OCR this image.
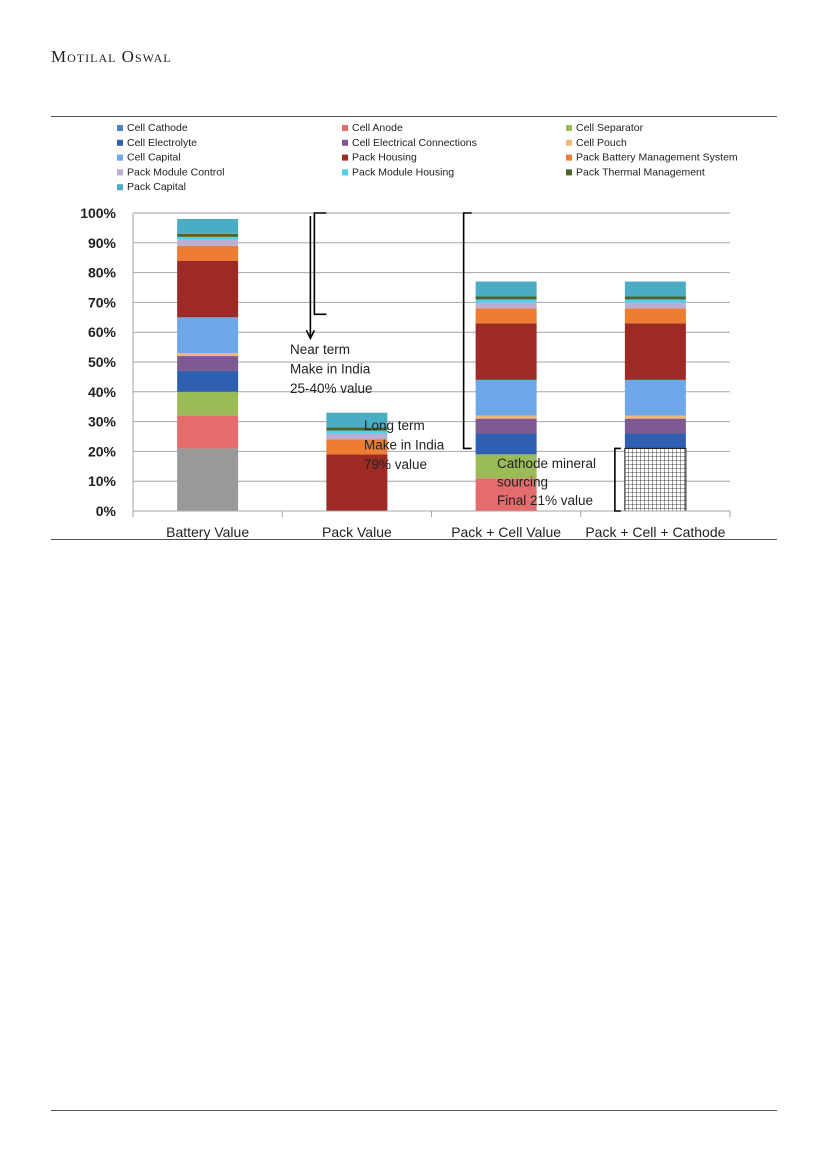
Motilal Oswal
Cell Cathode	Cell Anode	Cell Separator
Cell Electrolyte	Cell Electrical Connections	Cell Pouch
Cell Capital	Pack Housing	Pack Battery Management System
Pack Module Control	Pack Module Housing	Pack Thermal Management
Pack Capital
0%
10%
20%
30%
40%
50%
60%
70%
80%
90%
100%
Battery Value	Pack Value	Pack + Cell Value Pack + Cell + Cathode
Near term Make in India 25-40% value
Long term Make in India 79% value	Cathode mineral sourcing Final 21% value
